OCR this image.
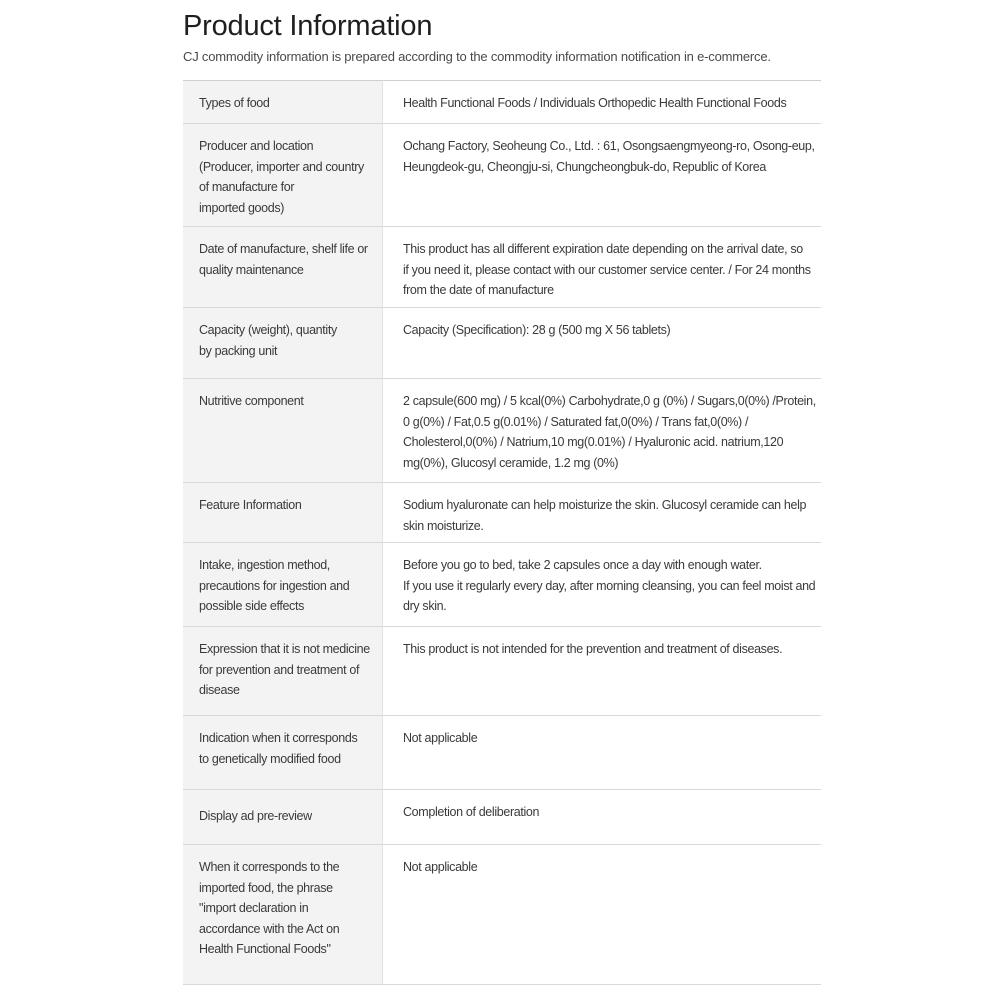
Product Information

CJ commodity information is prepared according to the commodity information notification in e-commerce.

Types of food	Health Functional Foods / Individuals Orthopedic Health Functional Foods

Producer and location
(Producer, importer and country
of manufacture for
imported goods)	Ochang Factory, Seoheung Co., Ltd. : 61, Osongsaengmyeong-ro, Osong-eup,
Heungdeok-gu, Cheongju-si, Chungcheongbuk-do, Republic of Korea

Date of manufacture, shelf life or
quality maintenance	This product has all different expiration date depending on the arrival date, so
if you need it, please contact with our customer service center. / For 24 months
from the date of manufacture

Capacity (weight), quantity
by packing unit	Capacity (Specification): 28 g (500 mg X 56 tablets)

Nutritive component	2 capsule(600 mg) / 5 kcal(0%) Carbohydrate,0 g (0%) / Sugars,0(0%) /Protein,
0 g(0%) / Fat,0.5 g(0.01%) / Saturated fat,0(0%) / Trans fat,0(0%) /
Cholesterol,0(0%) / Natrium,10 mg(0.01%) / Hyaluronic acid. natrium,120
mg(0%), Glucosyl ceramide, 1.2 mg (0%)

Feature Information	Sodium hyaluronate can help moisturize the skin. Glucosyl ceramide can help
skin moisturize.

Intake, ingestion method,
precautions for ingestion and
possible side effects	Before you go to bed, take 2 capsules once a day with enough water.
If you use it regularly every day, after morning cleansing, you can feel moist and
dry skin.

Expression that it is not medicine
for prevention and treatment of
disease	This product is not intended for the prevention and treatment of diseases.

Indication when it corresponds
to genetically modified food	Not applicable

Display ad pre-review	Completion of deliberation

When it corresponds to the
imported food, the phrase
"import declaration in
accordance with the Act on
Health Functional Foods"	Not applicable
